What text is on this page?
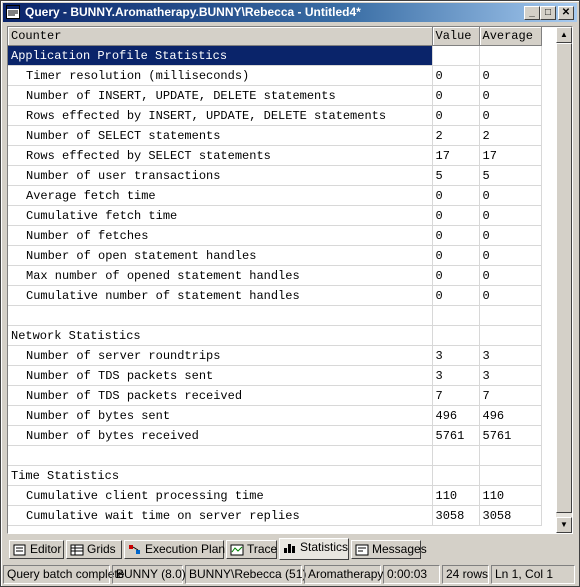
Query - BUNNY.Aromatherapy.BUNNY\Rebecca - Untitled4*	_	□	✕
Counter	Value	Average
Application Profile Statistics		
Timer resolution (milliseconds)	0	0
Number of INSERT, UPDATE, DELETE statements	0	0
Rows effected by INSERT, UPDATE, DELETE statements	0	0
Number of SELECT statements	2	2
Rows effected by SELECT statements	17	17
Number of user transactions	5	5
Average fetch time	0	0
Cumulative fetch time	0	0
Number of fetches	0	0
Number of open statement handles	0	0
Max number of opened statement handles	0	0
Cumulative number of statement handles	0	0

Network Statistics		
Number of server roundtrips	3	3
Number of TDS packets sent	3	3
Number of TDS packets received	7	7
Number of bytes sent	496	496
Number of bytes received	5761	5761

Time Statistics		
Cumulative client processing time	110	110
Cumulative wait time on server replies	3058	3058
▲
▼
Editor	Grids	Execution Plan	Trace	Statistics	Messages
Query batch complete
BUNNY (8.0) BUNNY\Rebecca (51) Aromatherapy 0:00:03	24 rows Ln 1, Col 1
